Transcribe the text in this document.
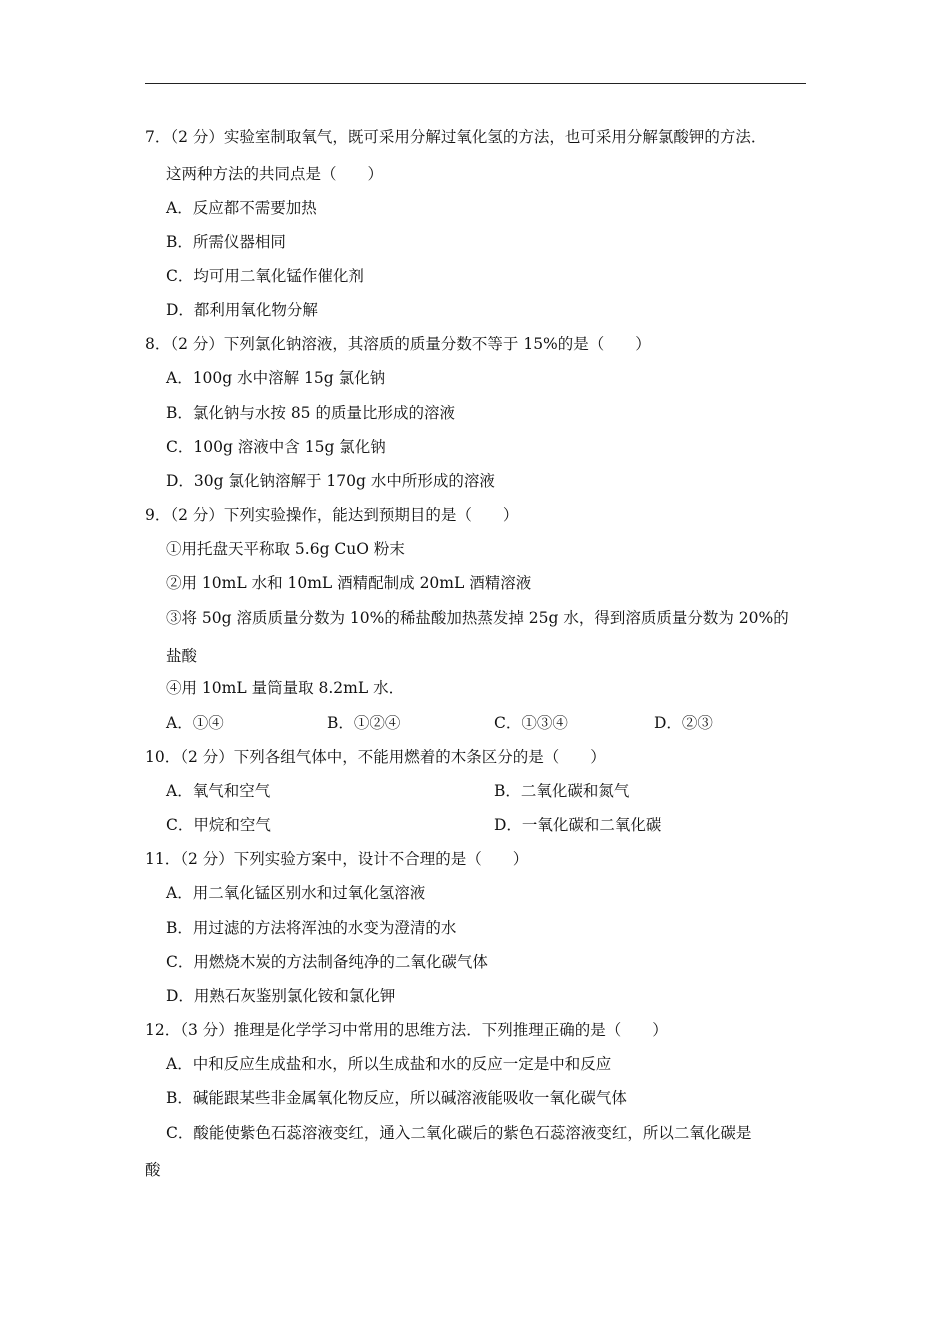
7．（2 分）实验室制取氧气，既可采用分解过氧化氢的方法，也可采用分解氯酸钾的方法．
这两种方法的共同点是（　　）
A．反应都不需要加热
B．所需仪器相同
C．均可用二氧化锰作催化剂
D．都利用氧化物分解
8．（2 分）下列氯化钠溶液，其溶质的质量分数不等于 15%的是（　　）
A．100g 水中溶解 15g 氯化钠
B．氯化钠与水按 85 的质量比形成的溶液
C．100g 溶液中含 15g 氯化钠
D．30g 氯化钠溶解于 170g 水中所形成的溶液
9．（2 分）下列实验操作，能达到预期目的是（　　）
①用托盘天平称取 5.6g CuO 粉末
②用 10mL 水和 10mL 酒精配制成 20mL 酒精溶液
③将 50g 溶质质量分数为 10%的稀盐酸加热蒸发掉 25g 水，得到溶质质量分数为 20%的
盐酸
④用 10mL 量筒量取 8.2mL 水．
A．①④	B．①②④	C．①③④	D．②③
10．（2 分）下列各组气体中，不能用燃着的木条区分的是（　　）
A．氧气和空气	B．二氧化碳和氮气
C．甲烷和空气	D．一氧化碳和二氧化碳
11．（2 分）下列实验方案中，设计不合理的是（　　）
A．用二氧化锰区别水和过氧化氢溶液
B．用过滤的方法将浑浊的水变为澄清的水
C．用燃烧木炭的方法制备纯净的二氧化碳气体
D．用熟石灰鉴别氯化铵和氯化钾
12．（3 分）推理是化学学习中常用的思维方法．下列推理正确的是（　　）
A．中和反应生成盐和水，所以生成盐和水的反应一定是中和反应
B．碱能跟某些非金属氧化物反应，所以碱溶液能吸收一氧化碳气体
C．酸能使紫色石蕊溶液变红，通入二氧化碳后的紫色石蕊溶液变红，所以二氧化碳是
酸
